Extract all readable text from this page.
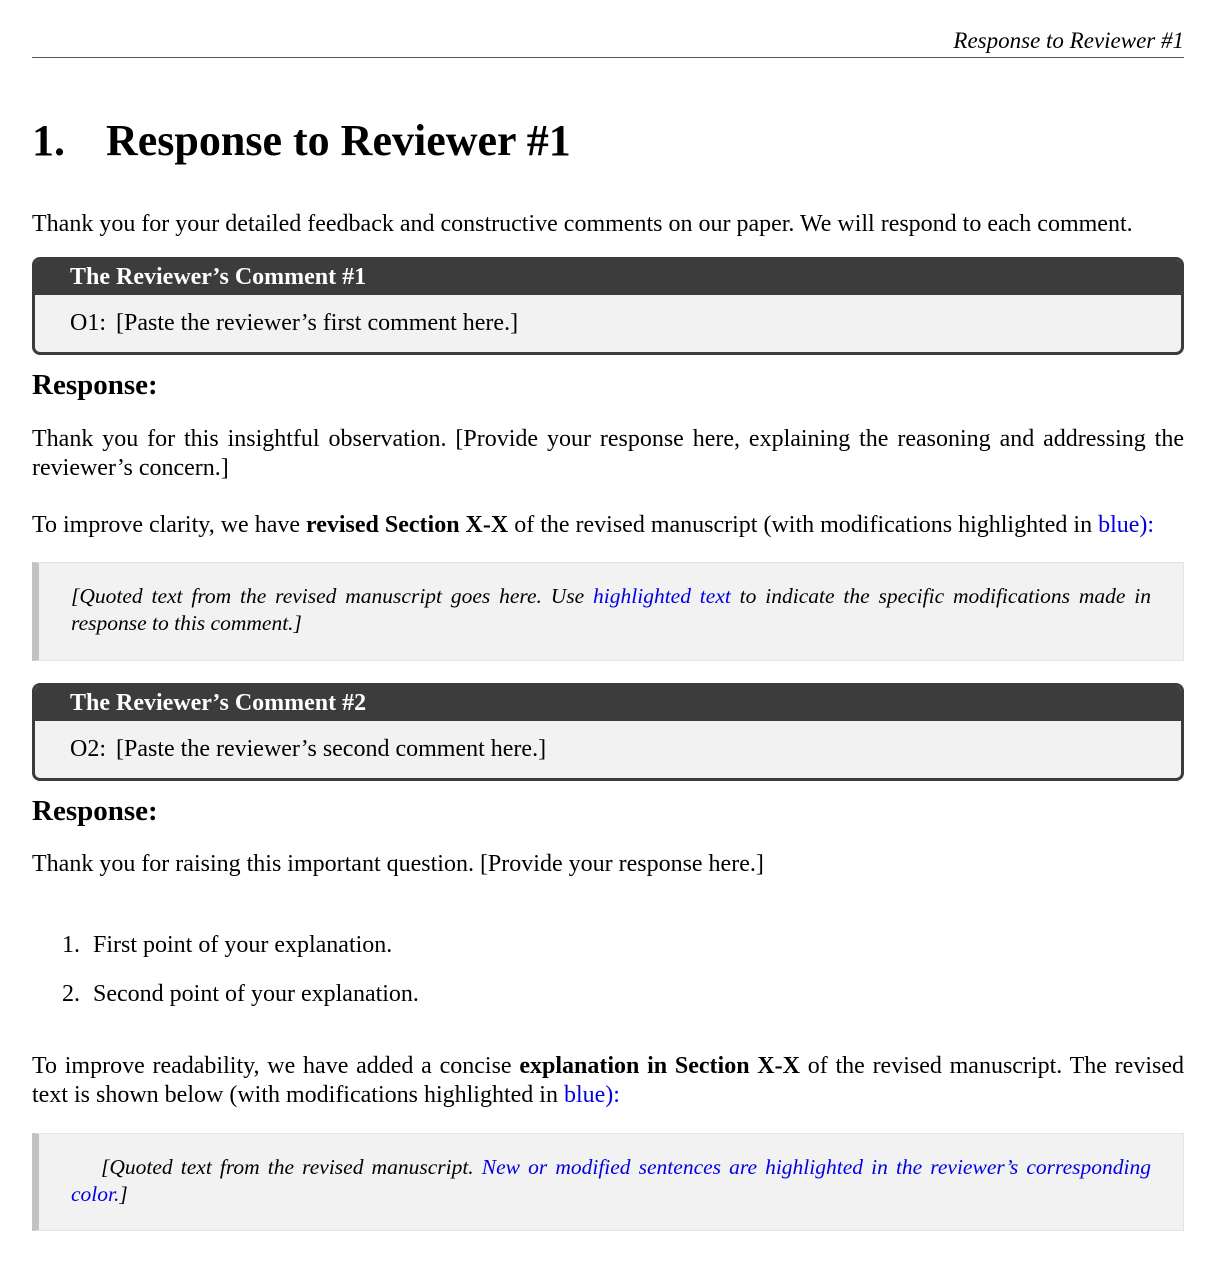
Response to Reviewer #1
1. Response to Reviewer #1

Thank you for your detailed feedback and constructive comments on our paper. We will respond to each comment.

The Reviewer’s Comment #1
O1: [Paste the reviewer’s first comment here.]
Response:

Thank you for this insightful observation. [Provide your response here, explaining the reasoning and addressing the reviewer’s concern.]

To improve clarity, we have revised Section X-X of the revised manuscript (with modifications highlighted in blue):

[Quoted text from the revised manuscript goes here. Use highlighted text to indicate the specific modifications made in response to this comment.]
The Reviewer’s Comment #2
O2: [Paste the reviewer’s second comment here.]
Response:

Thank you for raising this important question. [Provide your response here.]

1. First point of your explanation.
2. Second point of your explanation.

To improve readability, we have added a concise explanation in Section X-X of the revised manuscript. The revised text is shown below (with modifications highlighted in blue):

[Quoted text from the revised manuscript. New or modified sentences are highlighted in the reviewer’s corresponding color.]
